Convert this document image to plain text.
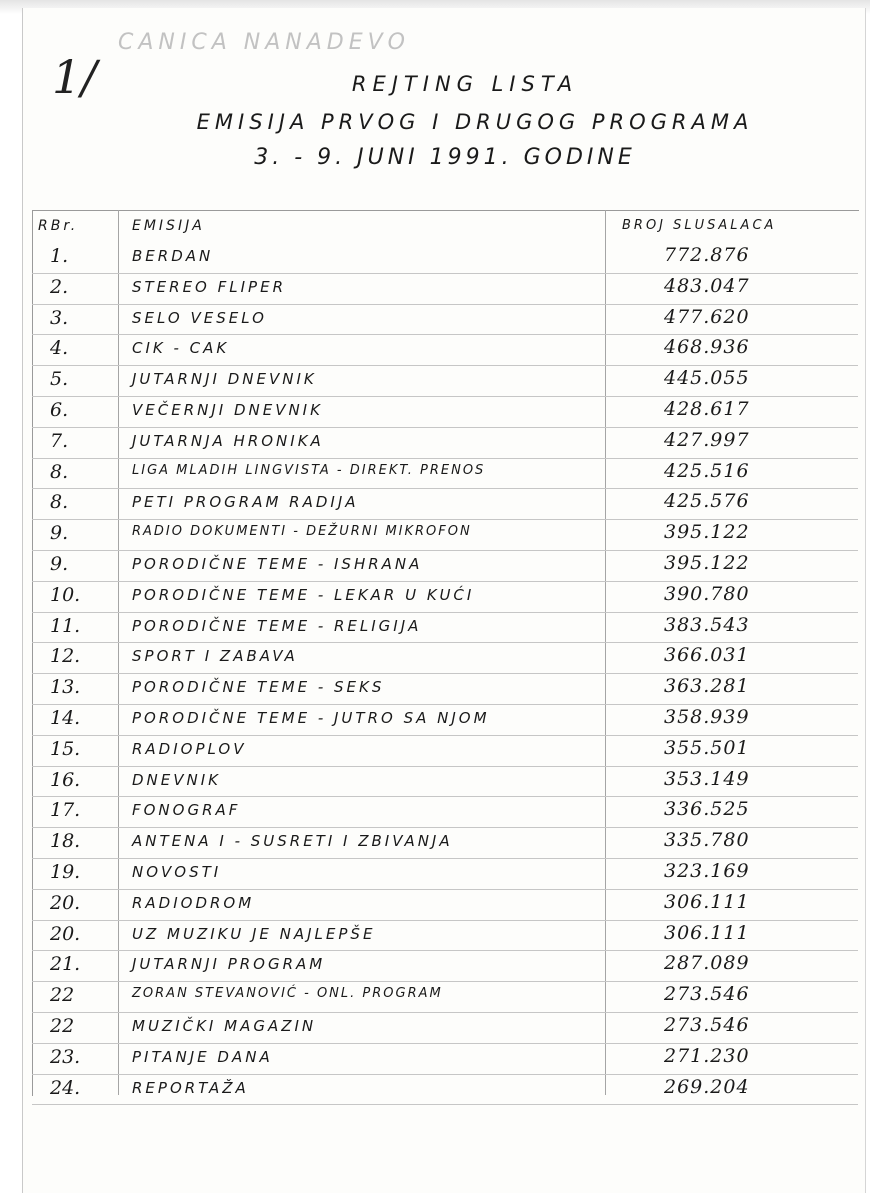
CANICA NANADEVO
1/	REJTING LISTA
EMISIJA PRVOG I DRUGOG PROGRAMA
3. - 9. JUNI 1991. GODINE
RBr.	EMISIJA	BROJ SLUSALACA
1.	BERDAN	772.876
2.	STEREO FLIPER	483.047
3.	SELO VESELO	477.620
4.	CIK - CAK	468.936
5.	JUTARNJI DNEVNIK	445.055
6.	VEČERNJI DNEVNIK	428.617
7.	JUTARNJA HRONIKA	427.997
8.	LIGA MLADIH LINGVISTA - DIREKT. PRENOS	425.516
8.	PETI PROGRAM RADIJA	425.576
9.	RADIO DOKUMENTI - DEŽURNI MIKROFON	395.122
9.	PORODIČNE TEME - ISHRANA	395.122
10.	PORODIČNE TEME - LEKAR U KUĆI	390.780
11.	PORODIČNE TEME - RELIGIJA	383.543
12.	SPORT I ZABAVA	366.031
13.	PORODIČNE TEME - SEKS	363.281
14.	PORODIČNE TEME - JUTRO SA NJOM	358.939
15.	RADIOPLOV	355.501
16.	DNEVNIK	353.149
17.	FONOGRAF	336.525
18.	ANTENA I - SUSRETI I ZBIVANJA	335.780
19.	NOVOSTI	323.169
20.	RADIODROM	306.111
20.	UZ MUZIKU JE NAJLEPŠE	306.111
21.	JUTARNJI PROGRAM	287.089
22	ZORAN STEVANOVIĆ - ONL. PROGRAM	273.546
22	MUZIČKI MAGAZIN	273.546
23.	PITANJE DANA	271.230
24.	REPORTAŽA	269.204
